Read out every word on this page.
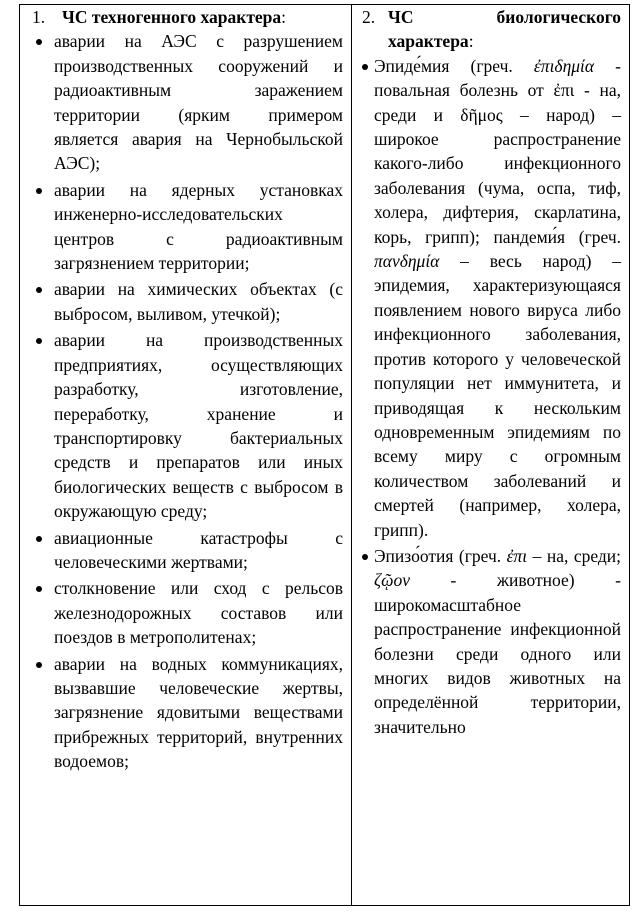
1. ЧС техногенного характера:
аварии на АЭС с разрушением производственных сооружений и радиоактивным заражением территории (ярким примером является авария на Чернобыльской АЭС);
аварии на ядерных установках инженерно-исследовательских центров с радиоактивным загрязнением территории;
аварии на химических объектах (с выбросом, выливом, утечкой);
аварии на производственных предприятиях, осуществляющих разработку, изготовление, переработку, хранение и транспортировку бактериальных средств и препаратов или иных биологических веществ с выбросом в окружающую среду;
авиационные катастрофы с человеческими жертвами;
столкновение или сход с рельсов железнодорожных составов или поездов в метрополитенах;
аварии на водных коммуникациях, вызвавшие человеческие жертвы, загрязнение ядовитыми веществами прибрежных территорий, внутренних водоемов;

2. ЧС биологического характера:
Эпиде́мия (греч. ἐπιδημία - повальная болезнь от ἐπι - на, среди и δῆμος – народ) – широкое распространение какого-либо инфекционного заболевания (чума, оспа, тиф, холера, дифтерия, скарлатина, корь, грипп); пандеми́я (греч. πανδημία – весь народ) – эпидемия, характеризующаяся появлением нового вируса либо инфекционного заболевания, против которого у человеческой популяции нет иммунитета, и приводящая к нескольким одновременным эпидемиям по всему миру с огромным количеством заболеваний и смертей (например, холера, грипп).
Эпизо́отия (греч. ἐπι – на, среди; ζῷον - животное) - широкомасштабное распространение инфекционной болезни среди одного или многих видов животных на определённой территории, значительно
